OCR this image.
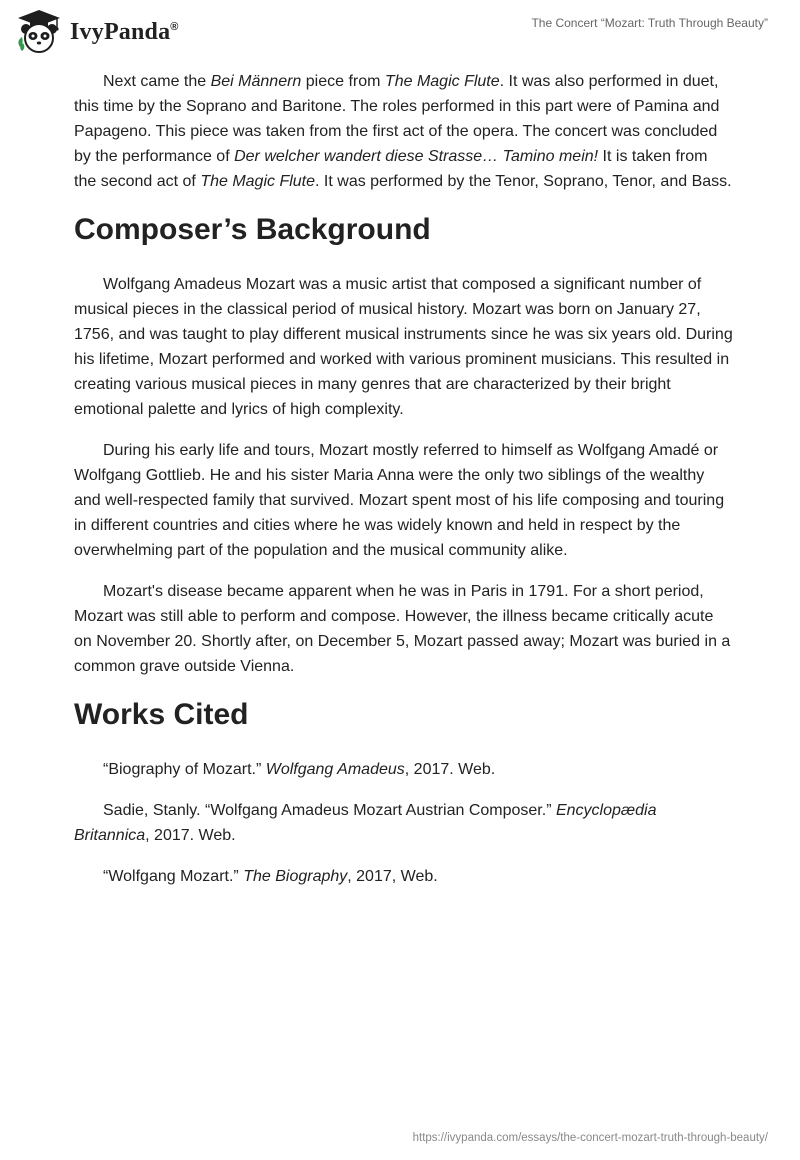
IvyPanda®	The Concert “Mozart: Truth Through Beauty”

Next came the Bei Männern piece from The Magic Flute. It was also performed in duet, this time by the Soprano and Baritone. The roles performed in this part were of Pamina and Papageno. This piece was taken from the first act of the opera. The concert was concluded by the performance of Der welcher wandert diese Strasse… Tamino mein! It is taken from the second act of The Magic Flute. It was performed by the Tenor, Soprano, Tenor, and Bass.

Composer’s Background

Wolfgang Amadeus Mozart was a music artist that composed a significant number of musical pieces in the classical period of musical history. Mozart was born on January 27, 1756, and was taught to play different musical instruments since he was six years old. During his lifetime, Mozart performed and worked with various prominent musicians. This resulted in creating various musical pieces in many genres that are characterized by their bright emotional palette and lyrics of high complexity.

During his early life and tours, Mozart mostly referred to himself as Wolfgang Amadé or Wolfgang Gottlieb. He and his sister Maria Anna were the only two siblings of the wealthy and well-respected family that survived. Mozart spent most of his life composing and touring in different countries and cities where he was widely known and held in respect by the overwhelming part of the population and the musical community alike.

Mozart's disease became apparent when he was in Paris in 1791. For a short period, Mozart was still able to perform and compose. However, the illness became critically acute on November 20. Shortly after, on December 5, Mozart passed away; Mozart was buried in a common grave outside Vienna.

Works Cited

“Biography of Mozart.” Wolfgang Amadeus, 2017. Web.

Sadie, Stanly. “Wolfgang Amadeus Mozart Austrian Composer.” Encyclopædia Britannica, 2017. Web.

“Wolfgang Mozart.” The Biography, 2017, Web.

https://ivypanda.com/essays/the-concert-mozart-truth-through-beauty/
